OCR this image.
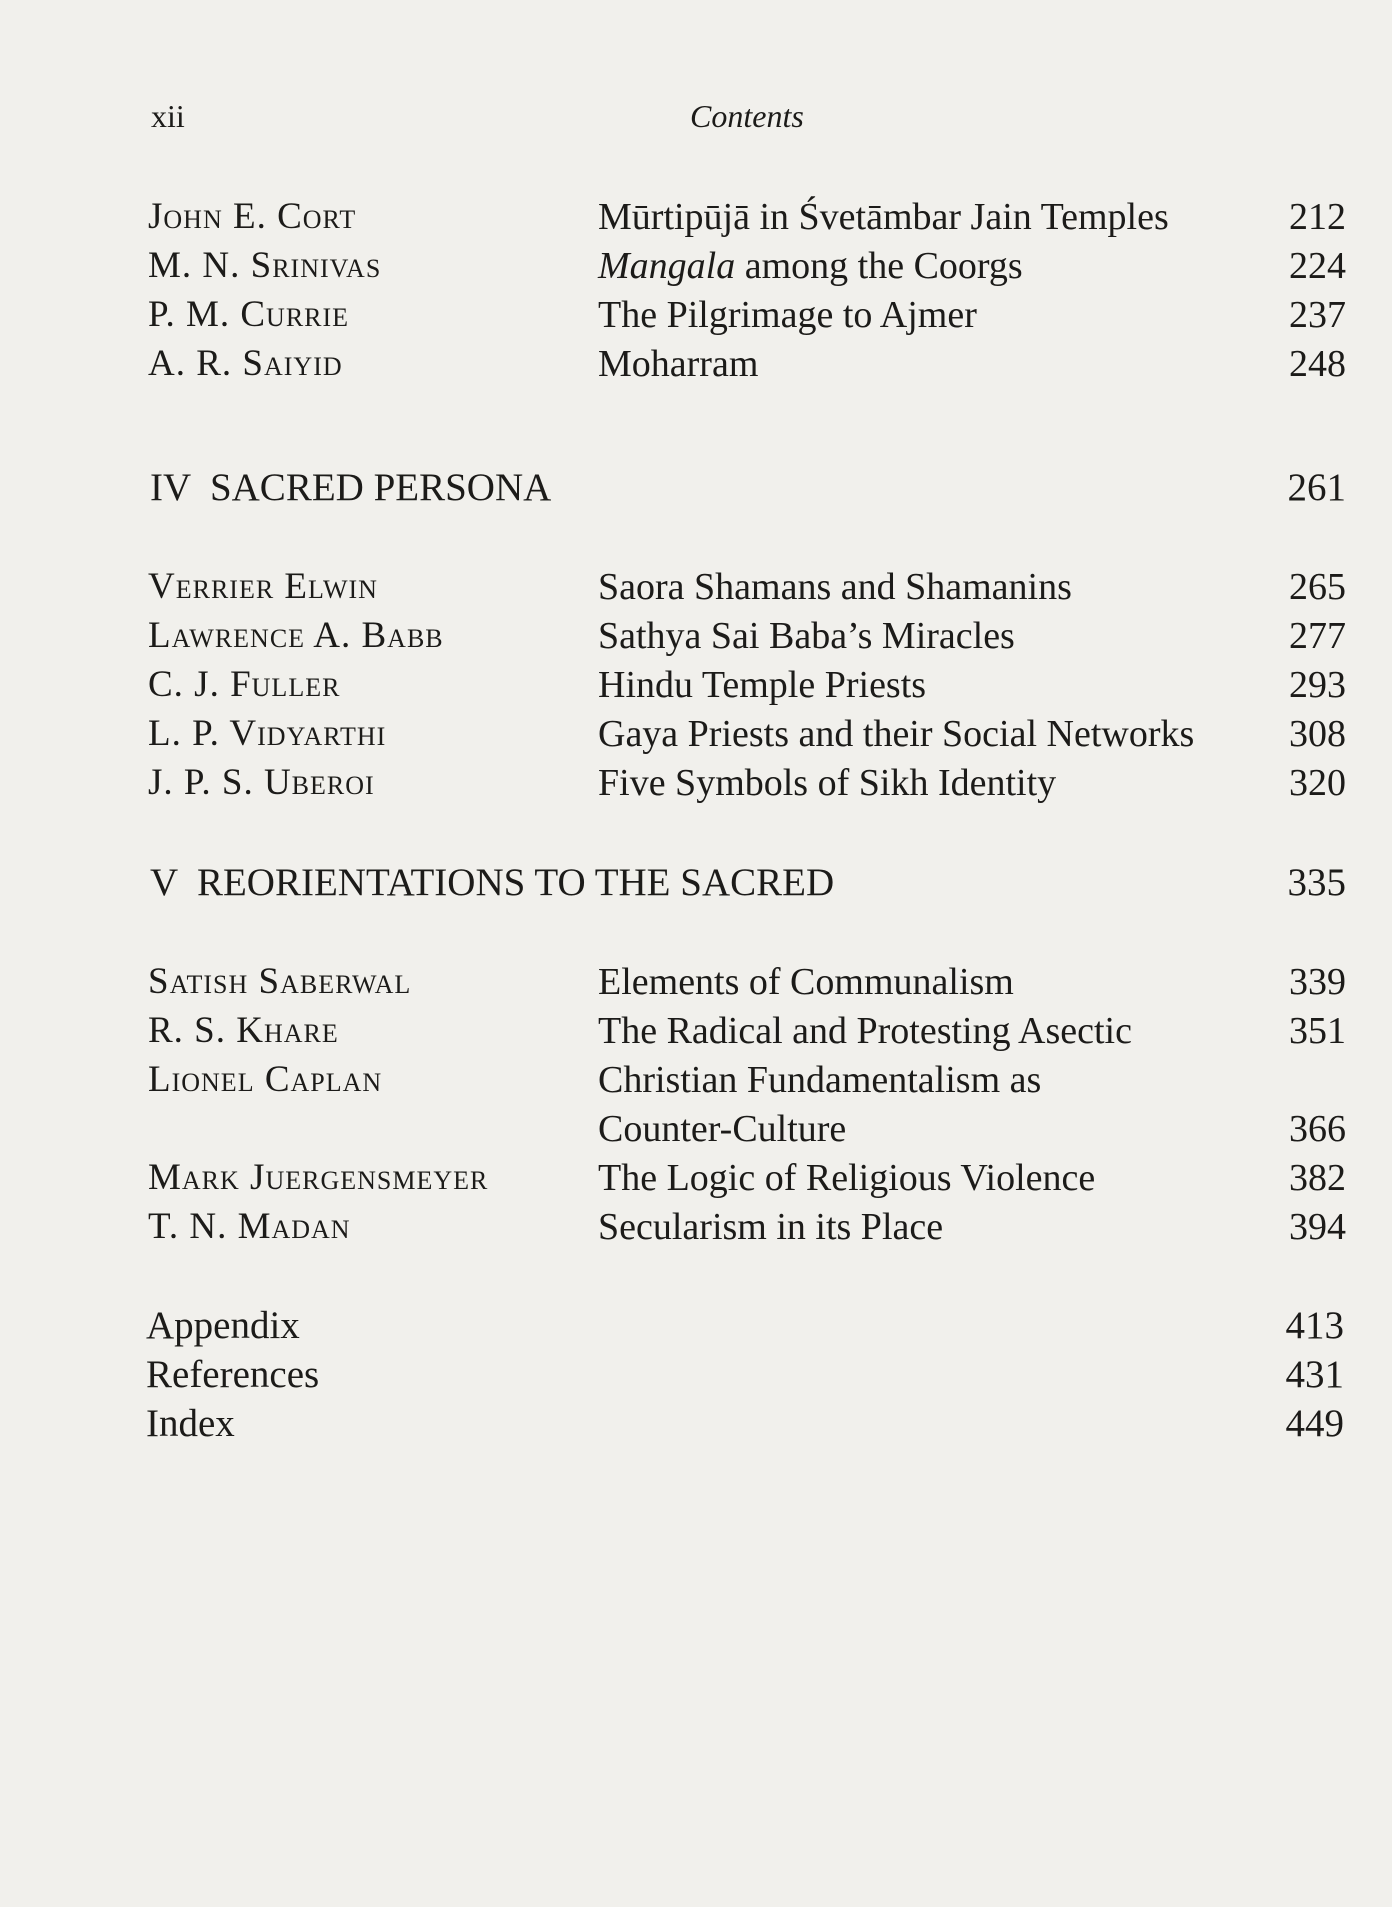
xii	Contents
John E. Cort	Mūrtipūjā in Śvetāmbar Jain Temples	212
M. N. Srinivas	Mangala among the Coorgs	224
P. M. Currie	The Pilgrimage to Ajmer	237
A. R. Saiyid	Moharram	248
IV  SACRED PERSONA	261
Verrier Elwin	Saora Shamans and Shamanins	265
Lawrence A. Babb	Sathya Sai Baba’s Miracles	277
C. J. Fuller	Hindu Temple Priests	293
L. P. Vidyarthi	Gaya Priests and their Social Networks 308
J. P. S. Uberoi	Five Symbols of Sikh Identity	320
V  REORIENTATIONS TO THE SACRED	335
Satish Saberwal	Elements of Communalism	339
R. S. Khare	The Radical and Protesting Asectic	351
Lionel Caplan	Christian Fundamentalism as
Counter-Culture	366
Mark Juergensmeyer	The Logic of Religious Violence	382
T. N. Madan	Secularism in its Place	394
Appendix	413
References	431
Index	449
